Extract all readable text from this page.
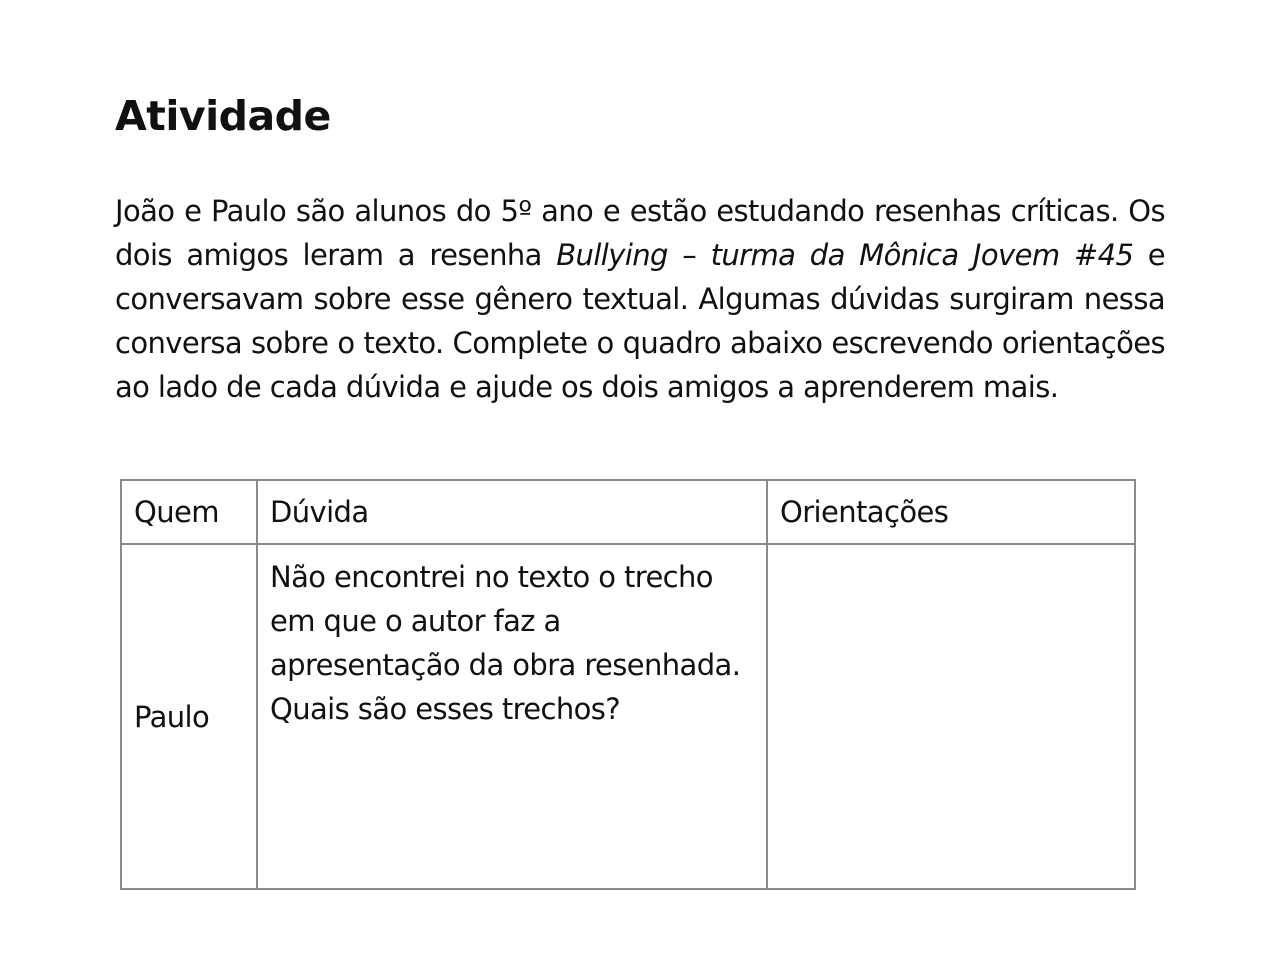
Atividade

João e Paulo são alunos do 5º ano e estão estudando resenhas críticas. Os dois amigos leram a resenha Bullying – turma da Mônica Jovem #45 e conversavam sobre esse gênero textual. Algumas dúvidas surgiram nessa conversa sobre o texto. Complete o quadro abaixo escrevendo orientações ao lado de cada dúvida e ajude os dois amigos a aprenderem mais.

Quem	Dúvida	Orientações
Paulo	Não encontrei no texto o trecho em que o autor faz a apresentação da obra resenhada. Quais são esses trechos?	
